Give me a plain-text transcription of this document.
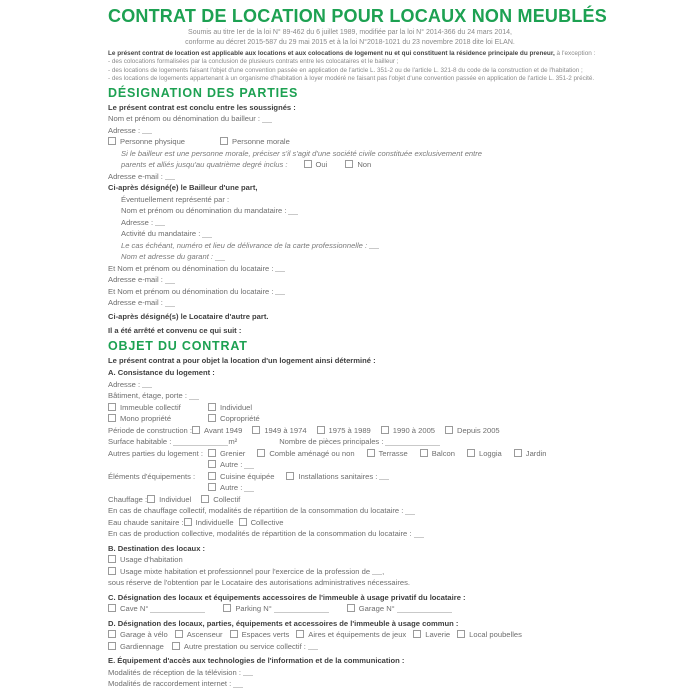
CONTRAT DE LOCATION POUR LOCAUX NON MEUBLÉS

Soumis au titre Ier de la loi N° 89-462 du 6 juillet 1989, modifiée par la loi N° 2014-366 du 24 mars 2014,

conforme au décret 2015-587 du 29 mai 2015 et à la loi N°2018-1021 du 23 novembre 2018 dite loi ELAN.

Le présent contrat de location est applicable aux locations et aux colocations de logement nu et qui constituent la résidence principale du preneur, à l'exception :

- des colocations formalisées par la conclusion de plusieurs contrats entre les colocataires et le bailleur ;

- des locations de logements faisant l'objet d'une convention passée en application de l'article L. 351-2 ou de l'article L. 321-8 du code de la construction et de l'habitation ;

- des locations de logements appartenant à un organisme d'habitation à loyer modéré ne faisant pas l'objet d'une convention passée en application de l'article L. 351-2 précité.

DÉSIGNATION DES PARTIES
Le présent contrat est conclu entre les soussignés :
Nom et prénom ou dénomination du bailleur :
Adresse :
Personne physique	Personne morale
Si le bailleur est une personne morale, préciser s'il s'agit d'une société civile constituée exclusivement entre
parents et alliés jusqu'au quatrième degré inclus :	Oui	Non
Adresse e-mail :
Ci-après désigné(e) le Bailleur d'une part,
Éventuellement représenté par :
Nom et prénom ou dénomination du mandataire :
Adresse :
Activité du mandataire :
Le cas échéant, numéro et lieu de délivrance de la carte professionnelle :
Nom et adresse du garant :
Et Nom et prénom ou dénomination du locataire :
Adresse e-mail :
Et Nom et prénom ou dénomination du locataire :
Adresse e-mail :
Ci-après désigné(s) le Locataire d'autre part.
Il a été arrêté et convenu ce qui suit :
OBJET DU CONTRAT
Le présent contrat a pour objet la location d'un logement ainsi déterminé :
A. Consistance du logement :
Adresse :
Bâtiment, étage, porte :
Immeuble collectif	Individuel
Mono propriété	Copropriété
Période de construction : Avant 1949	1949 à 1974	1975 à 1989	1990 à 2005	Depuis 2005
Surface habitable :	m²	Nombre de pièces principales :
Autres parties du logement :	Grenier	Comble aménagé ou non	Terrasse	Balcon	Loggia	Jardin
Autre :
Éléments d'équipements :	Cuisine équipée	Installations sanitaires :
Autre :
Chauffage : Individuel	Collectif
En cas de chauffage collectif, modalités de répartition de la consommation du locataire :
Eau chaude sanitaire : Individuelle Collective
En cas de production collective, modalités de répartition de la consommation du locataire :
B. Destination des locaux :
Usage d'habitation
Usage mixte habitation et professionnel pour l'exercice de la profession de ,
sous réserve de l'obtention par le Locataire des autorisations administratives nécessaires.
C. Désignation des locaux et équipements accessoires de l'immeuble à usage privatif du locataire :
Cave N°	Parking N°	Garage N°
D. Désignation des locaux, parties, équipements et accessoires de l'immeuble à usage commun :
Garage à vélo	Ascenseur	Espaces verts	Aires et équipements de jeux	Laverie	Local poubelles
Gardiennage	Autre prestation ou service collectif :
E. Équipement d'accès aux technologies de l'information et de la communication :
Modalités de réception de la télévision :
Modalités de raccordement internet :
